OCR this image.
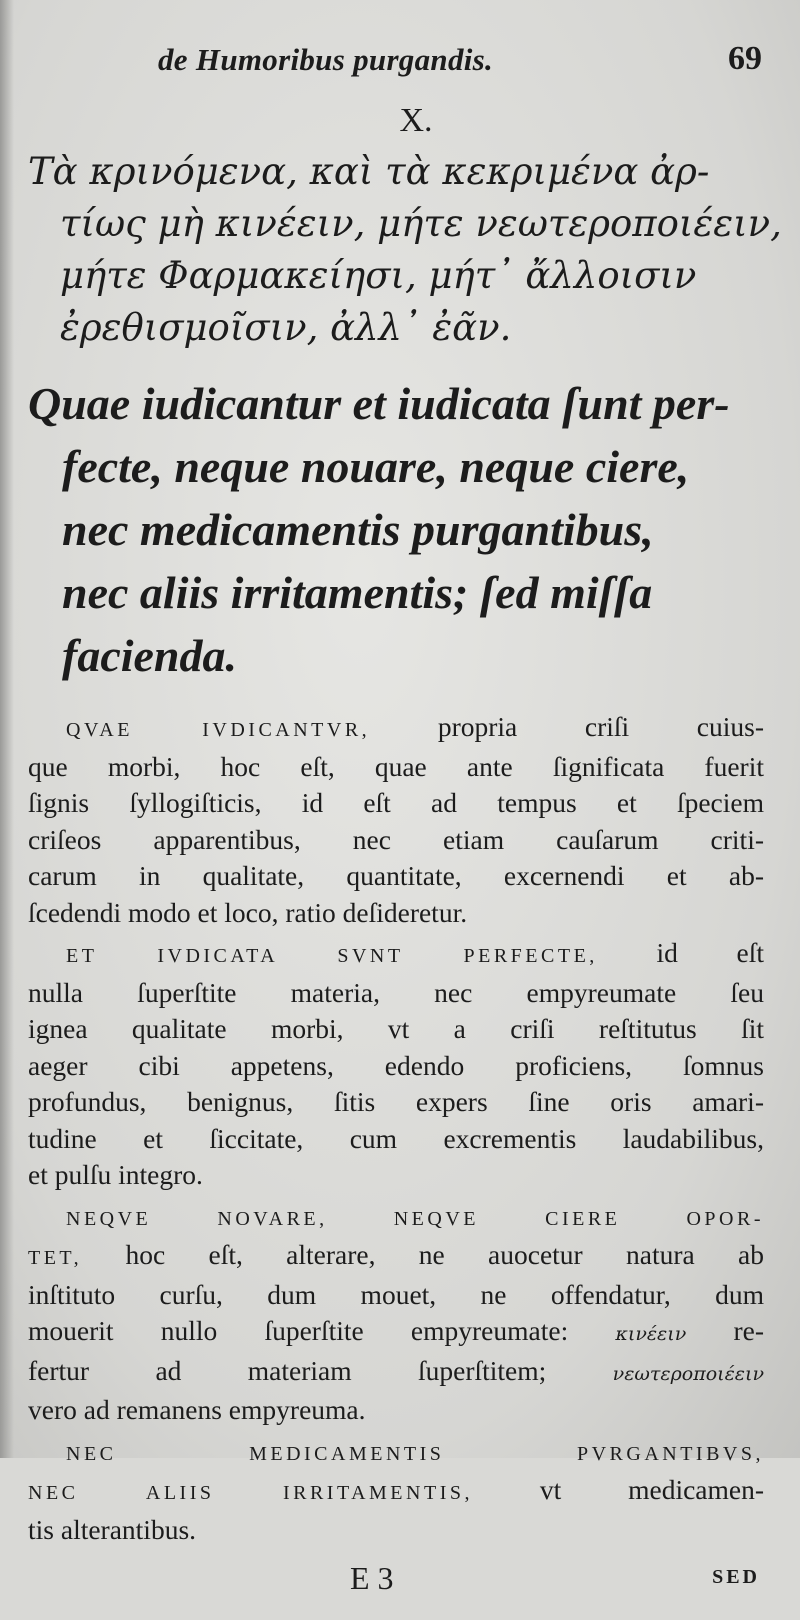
de Humoribus purgandis.	69
X.
Τὰ κρινόμενα, καὶ τὰ κεκριμένα ἀρ-
τίως μὴ κινέειν, μήτε νεωτεροποιέειν,
μήτε Φαρμακείησι, μήτ᾽ ἄλλοισιν
ἐρεθισμοῖσιν, ἀλλ᾽ ἐᾶν.
Quae iudicantur et iudicata ſunt per-
fecte, neque nouare, neque ciere,
nec medicamentis purgantibus,
nec aliis irritamentis; ſed miſſa
facienda.
QVAE IVDICANTVR, propria criſi cuius-
que morbi, hoc eſt, quae ante ſignificata fuerit
ſignis ſyllogiſticis, id eſt ad tempus et ſpeciem
criſeos apparentibus, nec etiam cauſarum criti-
carum in qualitate, quantitate, excernendi et ab-
ſcedendi modo et loco, ratio deſideretur.
ET IVDICATA SVNT PERFECTE, id eſt
nulla ſuperſtite materia, nec empyreumate ſeu
ignea qualitate morbi, vt a criſi reſtitutus ſit
aeger cibi appetens, edendo proficiens, ſomnus
profundus, benignus, ſitis expers ſine oris amari-
tudine et ſiccitate, cum excrementis laudabilibus,
et pulſu integro.
NEQVE NOVARE, NEQVE CIERE OPOR-
TET, hoc eſt, alterare, ne auocetur natura ab
inſtituto curſu, dum mouet, ne offendatur, dum
mouerit nullo ſuperſtite empyreumate: κινέειν re-
fertur ad materiam ſuperſtitem; νεωτεροποιέειν
vero ad remanens empyreuma.
NEC MEDICAMENTIS PVRGANTIBVS,
NEC ALIIS IRRITAMENTIS, vt medicamen-
tis alterantibus.
E 3	SED
